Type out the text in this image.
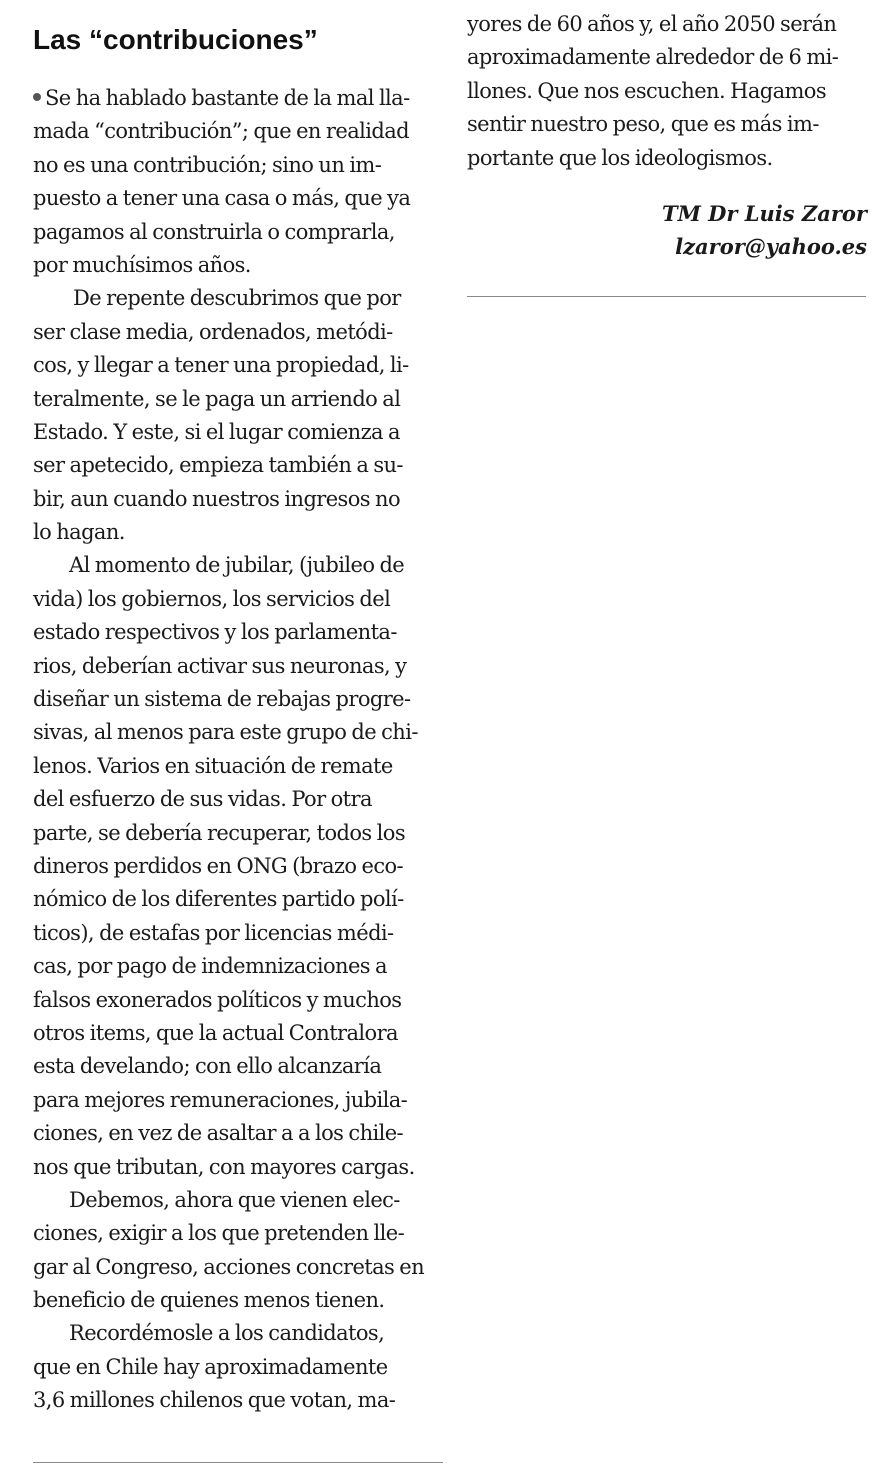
Las “contribuciones”
Se ha hablado bastante de la mal lla-
mada “contribución”; que en realidad
no es una contribución; sino un im-
puesto a tener una casa o más, que ya
pagamos al construirla o comprarla,
por muchísimos años.
De repente descubrimos que por
ser clase media, ordenados, metódi-
cos, y llegar a tener una propiedad, li-
teralmente, se le paga un arriendo al
Estado. Y este, si el lugar comienza a
ser apetecido, empieza también a su-
bir, aun cuando nuestros ingresos no
lo hagan.
Al momento de jubilar, (jubileo de
vida) los gobiernos, los servicios del
estado respectivos y los parlamenta-
rios, deberían activar sus neuronas, y
diseñar un sistema de rebajas progre-
sivas, al menos para este grupo de chi-
lenos. Varios en situación de remate
del esfuerzo de sus vidas. Por otra
parte, se debería recuperar, todos los
dineros perdidos en ONG (brazo eco-
nómico de los diferentes partido polí-
ticos), de estafas por licencias médi-
cas, por pago de indemnizaciones a
falsos exonerados políticos y muchos
otros items, que la actual Contralora
esta develando; con ello alcanzaría
para mejores remuneraciones, jubila-
ciones, en vez de asaltar a a los chile-
nos que tributan, con mayores cargas.
Debemos, ahora que vienen elec-
ciones, exigir a los que pretenden lle-
gar al Congreso, acciones concretas en
beneficio de quienes menos tienen.
Recordémosle a los candidatos,
que en Chile hay aproximadamente
3,6 millones chilenos que votan, ma-
yores de 60 años y, el año 2050 serán
aproximadamente alrededor de 6 mi-
llones. Que nos escuchen. Hagamos
sentir nuestro peso, que es más im-
portante que los ideologismos.
TM Dr Luis Zaror
lzaror@yahoo.es
